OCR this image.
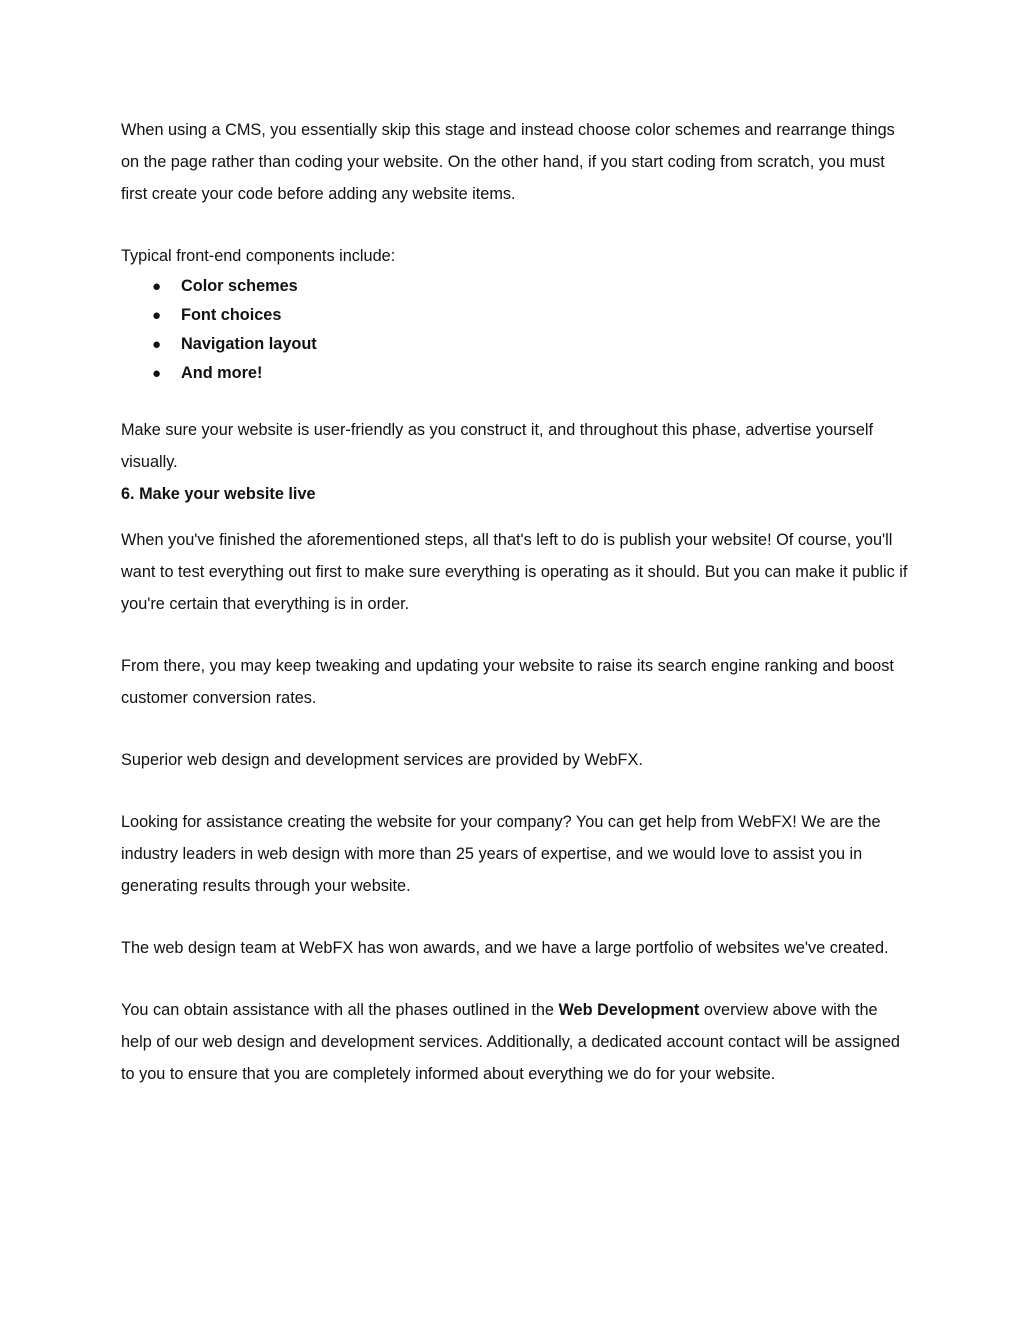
When using a CMS, you essentially skip this stage and instead choose color schemes and rearrange things on the page rather than coding your website. On the other hand, if you start coding from scratch, you must first create your code before adding any website items.

Typical front-end components include:

● Color schemes
● Font choices
● Navigation layout
● And more!

Make sure your website is user-friendly as you construct it, and throughout this phase, advertise yourself visually.

6. Make your website live

When you've finished the aforementioned steps, all that's left to do is publish your website! Of course, you'll want to test everything out first to make sure everything is operating as it should. But you can make it public if you're certain that everything is in order.

From there, you may keep tweaking and updating your website to raise its search engine ranking and boost customer conversion rates.

Superior web design and development services are provided by WebFX.

Looking for assistance creating the website for your company? You can get help from WebFX! We are the industry leaders in web design with more than 25 years of expertise, and we would love to assist you in generating results through your website.

The web design team at WebFX has won awards, and we have a large portfolio of websites we've created.

You can obtain assistance with all the phases outlined in the Web Development overview above with the help of our web design and development services. Additionally, a dedicated account contact will be assigned to you to ensure that you are completely informed about everything we do for your website.
